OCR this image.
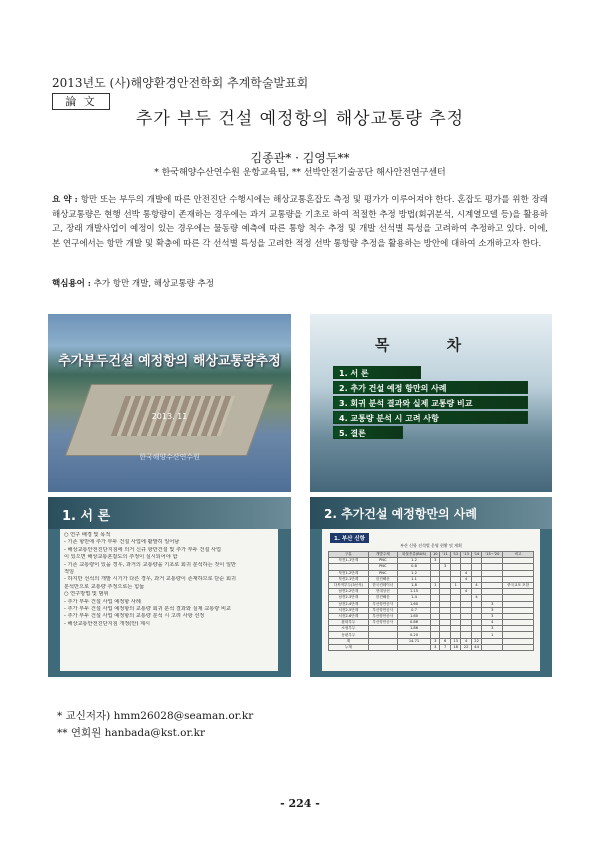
2013년도 (사)해양환경안전학회 추계학술발표회
論 文
추가 부두 건설 예정항의 해상교통량 추정
김종관* · 김영두**
* 한국해양수산연수원 운항교육팀, ** 선박안전기술공단 해사안전연구센터
요 약 : 항만 또는 부두의 개발에 따른 안전진단 수행시에는 해상교통혼잡도 측정 및 평가가 이루어져야 한다. 혼잡도 평가를 위한 장래 해상교통량은 현행 선박 통항량이 존재하는 경우에는 과거 교통량을 기초로 하여 적절한 추정 방법(회귀분석, 시계열모델 등)을 활용하고, 장래 개발사업이 예정이 있는 경우에는 물동량 예측에 따른 통항 척수 추정 및 개발 선석별 특성을 고려하여 추정하고 있다. 이에, 본 연구에서는 항만 개발 및 확충에 따른 각 선석별 특성을 고려한 적정 선박 통항량 추정을 활용하는 방안에 대하여 소개하고자 한다.
핵심용어 : 추가 항만 개발, 해상교통량 추정
추가부두건설 예정항의 해상교통량추정
2013. 11
한국해양수산연수원
목 차
1. 서 론
2. 추가 건설 예정 항만의 사례
3. 회귀 분석 결과와 실제 교통량 비교
4. 교통량 분석 시 고려 사항
5. 결론
1. 서 론
○ 연구 배경 및 목적
- 기존 항만에 추가 부두 건설 사업에 활발히 일어남
- 해상교통안전진단지침에 의거 신규 항만건설 및 추가 부두 건설 사업
이 있으면 해상교통혼잡도의 추정이 실시되어야 함
- 기존 교통량이 있을 경우, 과거의 교통량을 기초로 회귀 분석하는 것이 일반
적임
- 하지만 선석의 개발 시기가 다른 경우, 과거 교통량이 존재하므로 단순 회귀
분석만으로 교통량 추정으로는 힘듦
○ 연구방법 및 범위
- 추가 부두 건설 사업 예정항 사례
- 추가 부두 건설 사업 예정항의 교통량 회귀 분석 결과와 실제 교통량 비교
- 추가 부두 건설 사업 예정항의 교통량 분석 시 고려 사항 선정
- 해상교통안전진단지침 개정(안) 제시
2. 추가건설 예정항만의 사례
1. 부산 신항
부산 신항 선석별 운영 현황 및 계획
구분	개발주체	화물종류(BUS)	10	'11	'12	'13	'14	'15~'20	비고
북컨1-1단계	PNC	1.2	3						
	PNC	0.8		3					
북컨1-2단계	PNC	1.2				4			
북컨2-1단계	한진해운	1.1				4			
다목적부두(3선석)	한국컨테이너	1.8	1		1		4		중국교포 포함
남컨2-2단계	현대상선	1.15				4			
남컨2-3단계	한진해운	1.4					4		
남컨2-4단계	부산항만공사	1.60						3	
서컨2-5단계	부산항만공사	0.7						3	
서컨2-6단계	부산항만공사	1.60						3	
잡화부두	부산항만공사	0.86						4	
소형부두		1.86						3	
동편부두		0.20						1	
계		14.71	3	6	13	4	22		
누계			3	7	18	22	44		
* 교신저자) hmm26028@seaman.or.kr
** 연회원 hanbada@kst.or.kr
- 224 -
